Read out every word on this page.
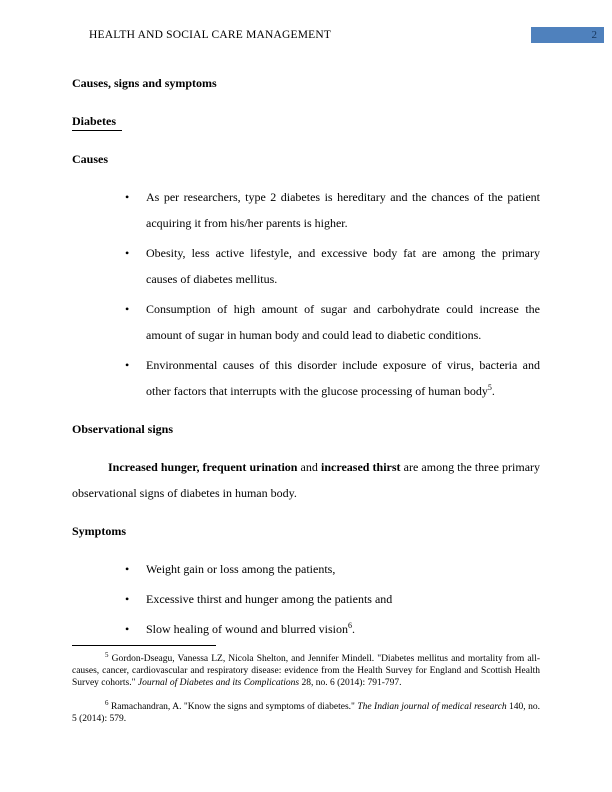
HEALTH AND SOCIAL CARE MANAGEMENT	2

Causes, signs and symptoms

Diabetes

Causes

• As per researchers, type 2 diabetes is hereditary and the chances of the patient acquiring it from his/her parents is higher.
• Obesity, less active lifestyle, and excessive body fat are among the primary causes of diabetes mellitus.
• Consumption of high amount of sugar and carbohydrate could increase the amount of sugar in human body and could lead to diabetic conditions.
• Environmental causes of this disorder include exposure of virus, bacteria and other factors that interrupts with the glucose processing of human body$^5$.

Observational signs

Increased hunger, frequent urination and increased thirst are among the three primary observational signs of diabetes in human body.

Symptoms

• Weight gain or loss among the patients,
• Excessive thirst and hunger among the patients and
• Slow healing of wound and blurred vision$^6$.

$^5$ Gordon-Dseagu, Vanessa LZ, Nicola Shelton, and Jennifer Mindell. "Diabetes mellitus and mortality from all-causes, cancer, cardiovascular and respiratory disease: evidence from the Health Survey for England and Scottish Health Survey cohorts." Journal of Diabetes and its Complications 28, no. 6 (2014): 791-797.

$^6$ Ramachandran, A. "Know the signs and symptoms of diabetes." The Indian journal of medical research 140, no. 5 (2014): 579.
